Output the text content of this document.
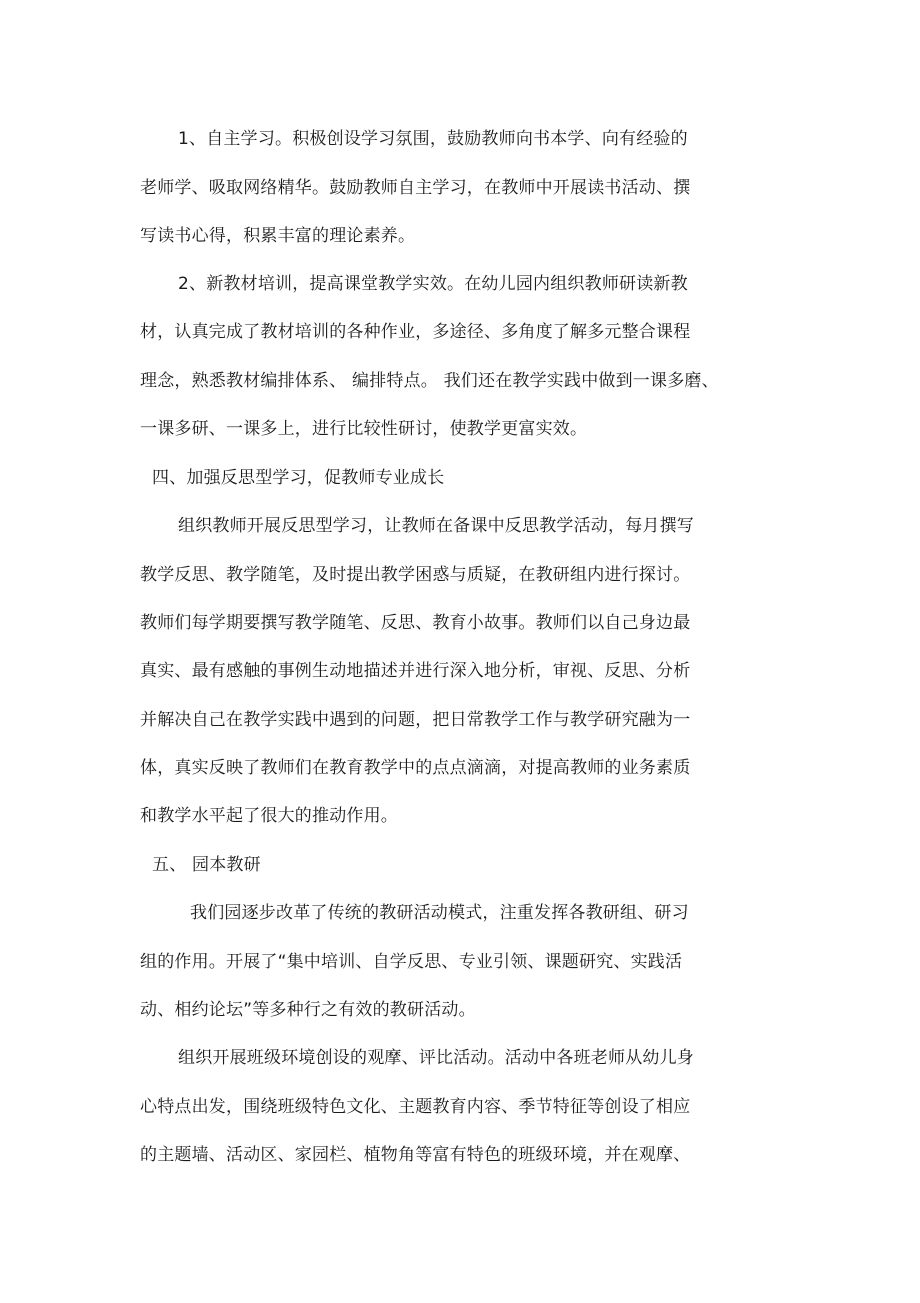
1、自主学习。积极创设学习氛围，鼓励教师向书本学、向有经验的
老师学、吸取网络精华。鼓励教师自主学习，在教师中开展读书活动、撰
写读书心得，积累丰富的理论素养。
2、新教材培训，提高课堂教学实效。在幼儿园内组织教师研读新教
材，认真完成了教材培训的各种作业，多途径、多角度了解多元整合课程
理念，熟悉教材编排体系、 编排特点。 我们还在教学实践中做到一课多磨、
一课多研、一课多上，进行比较性研讨，使教学更富实效。
四、加强反思型学习，促教师专业成长
组织教师开展反思型学习，让教师在备课中反思教学活动，每月撰写
教学反思、教学随笔，及时提出教学困惑与质疑，在教研组内进行探讨。
教师们每学期要撰写教学随笔、反思、教育小故事。教师们以自己身边最
真实、最有感触的事例生动地描述并进行深入地分析，审视、反思、分析
并解决自己在教学实践中遇到的问题，把日常教学工作与教学研究融为一
体，真实反映了教师们在教育教学中的点点滴滴，对提高教师的业务素质
和教学水平起了很大的推动作用。
五、 园本教研
我们园逐步改革了传统的教研活动模式，注重发挥各教研组、研习
组的作用。开展了“集中培训、自学反思、专业引领、课题研究、实践活
动、相约论坛”等多种行之有效的教研活动。
组织开展班级环境创设的观摩、评比活动。活动中各班老师从幼儿身
心特点出发，围绕班级特色文化、主题教育内容、季节特征等创设了相应
的主题墙、活动区、家园栏、植物角等富有特色的班级环境，并在观摩、
